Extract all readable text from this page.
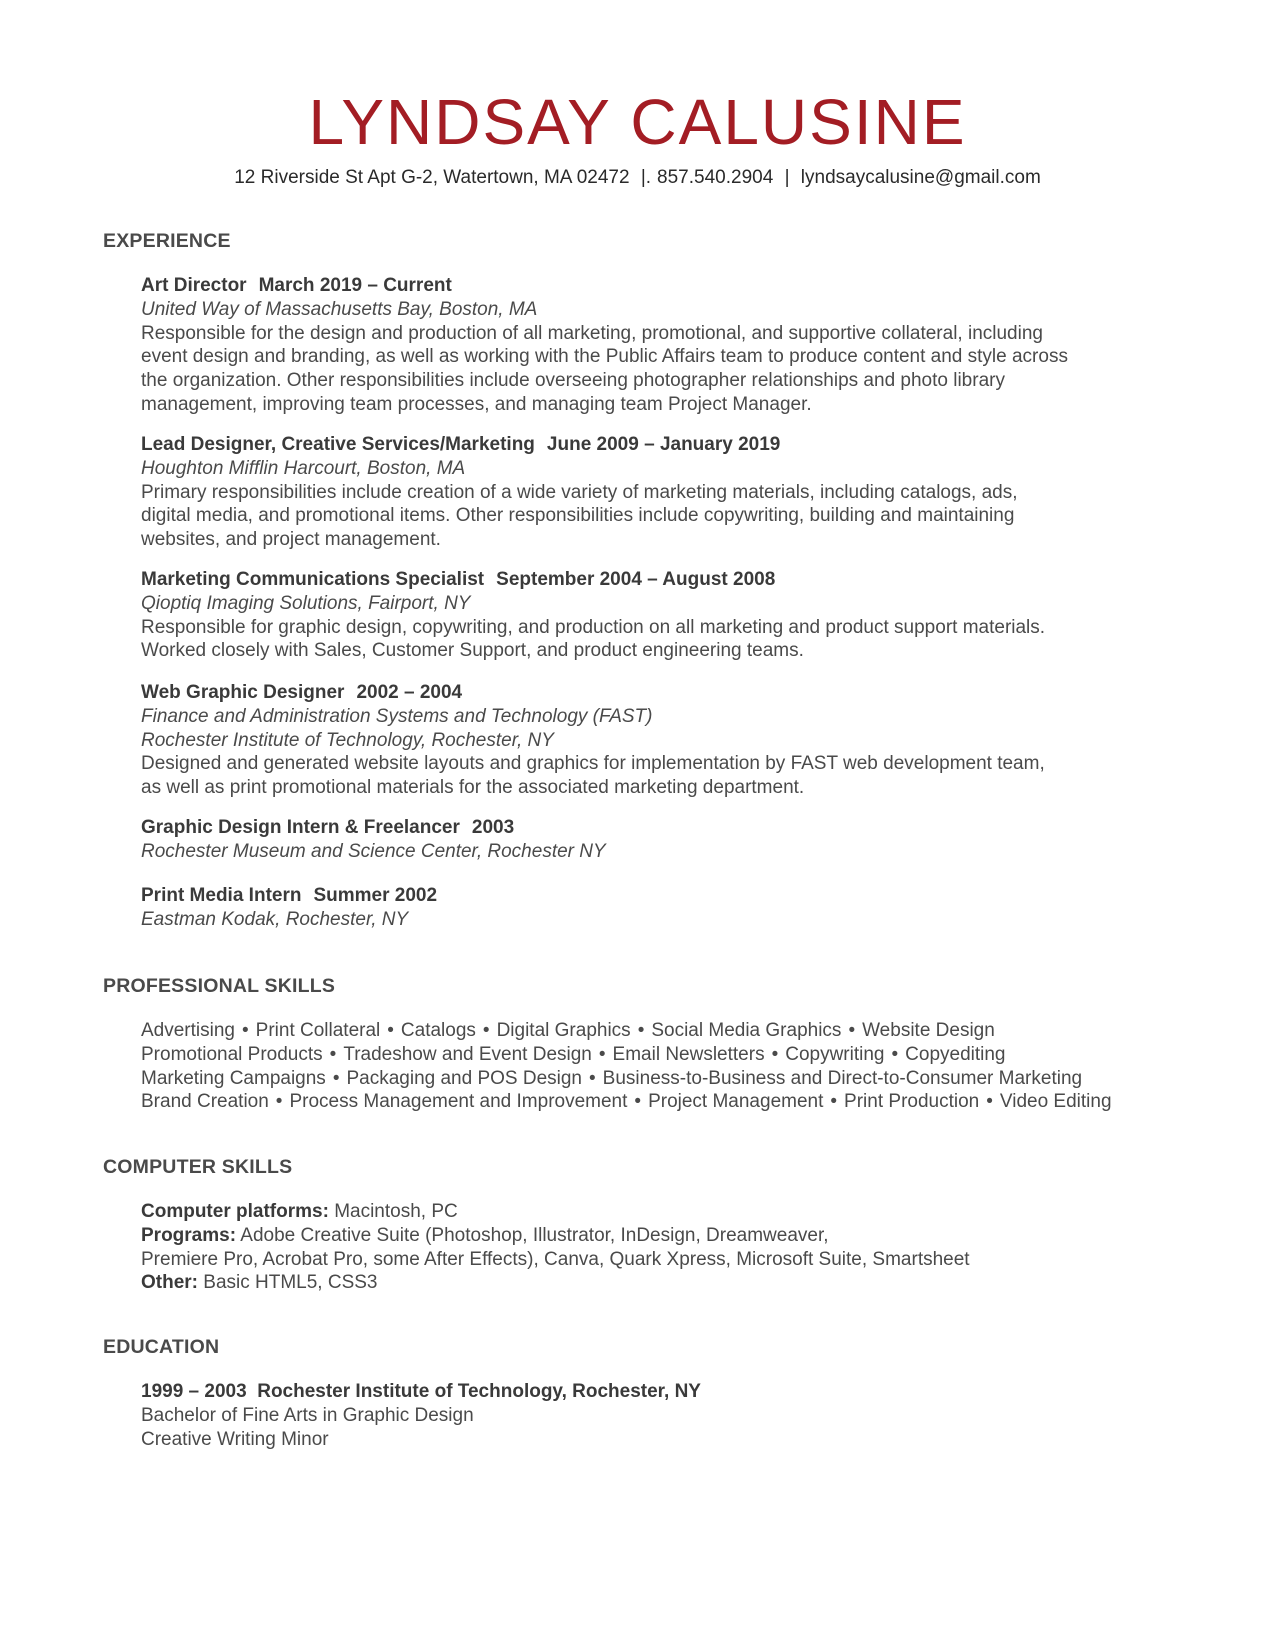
LYNDSAY CALUSINE
12 Riverside St Apt G-2, Watertown, MA 02472 |. 857.540.2904 | lyndsaycalusine@gmail.com
EXPERIENCE
Art Director March 2019 – Current
United Way of Massachusetts Bay, Boston, MA
Responsible for the design and production of all marketing, promotional, and supportive collateral, including
event design and branding, as well as working with the Public Affairs team to produce content and style across
the organization. Other responsibilities include overseeing photographer relationships and photo library
management, improving team processes, and managing team Project Manager.
Lead Designer, Creative Services/Marketing June 2009 – January 2019
Houghton Mifflin Harcourt, Boston, MA
Primary responsibilities include creation of a wide variety of marketing materials, including catalogs, ads,
digital media, and promotional items. Other responsibilities include copywriting, building and maintaining
websites, and project management.
Marketing Communications Specialist September 2004 – August 2008
Qioptiq Imaging Solutions, Fairport, NY
Responsible for graphic design, copywriting, and production on all marketing and product support materials.
Worked closely with Sales, Customer Support, and product engineering teams.
Web Graphic Designer 2002 – 2004
Finance and Administration Systems and Technology (FAST)
Rochester Institute of Technology, Rochester, NY
Designed and generated website layouts and graphics for implementation by FAST web development team,
as well as print promotional materials for the associated marketing department.
Graphic Design Intern & Freelancer 2003
Rochester Museum and Science Center, Rochester NY
Print Media Intern Summer 2002
Eastman Kodak, Rochester, NY
PROFESSIONAL SKILLS
Advertising • Print Collateral • Catalogs • Digital Graphics • Social Media Graphics • Website Design
Promotional Products • Tradeshow and Event Design • Email Newsletters • Copywriting • Copyediting
Marketing Campaigns • Packaging and POS Design • Business-to-Business and Direct-to-Consumer Marketing
Brand Creation • Process Management and Improvement • Project Management • Print Production • Video Editing
COMPUTER SKILLS
Computer platforms: Macintosh, PC
Programs: Adobe Creative Suite (Photoshop, Illustrator, InDesign, Dreamweaver,
Premiere Pro, Acrobat Pro, some After Effects), Canva, Quark Xpress, Microsoft Suite, Smartsheet
Other: Basic HTML5, CSS3
EDUCATION
1999 – 2003  Rochester Institute of Technology, Rochester, NY
Bachelor of Fine Arts in Graphic Design
Creative Writing Minor
